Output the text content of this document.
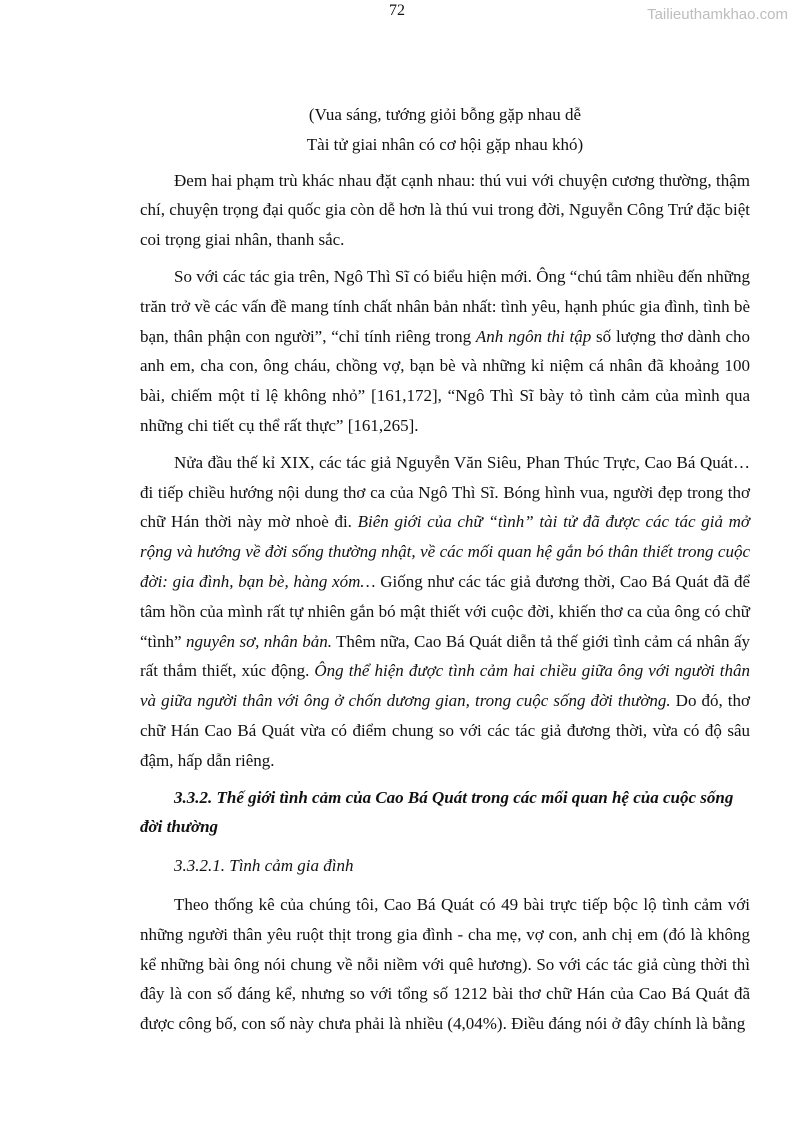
72	Tailieuthamkhao.com
(Vua sáng, tướng giỏi bỗng gặp nhau dễ
Tài tử giai nhân có cơ hội gặp nhau khó)

Đem hai phạm trù khác nhau đặt cạnh nhau: thú vui với chuyện cương thường, thậm chí, chuyện trọng đại quốc gia còn dễ hơn là thú vui trong đời, Nguyễn Công Trứ đặc biệt coi trọng giai nhân, thanh sắc.

So với các tác gia trên, Ngô Thì Sĩ có biểu hiện mới. Ông “chú tâm nhiều đến những trăn trở về các vấn đề mang tính chất nhân bản nhất: tình yêu, hạnh phúc gia đình, tình bè bạn, thân phận con người”, “chỉ tính riêng trong Anh ngôn thi tập số lượng thơ dành cho anh em, cha con, ông cháu, chồng vợ, bạn bè và những kỉ niệm cá nhân đã khoảng 100 bài, chiếm một tỉ lệ không nhỏ” [161,172], “Ngô Thì Sĩ bày tỏ tình cảm của mình qua những chi tiết cụ thể rất thực” [161,265].

Nửa đầu thế kỉ XIX, các tác giả Nguyễn Văn Siêu, Phan Thúc Trực, Cao Bá Quát… đi tiếp chiều hướng nội dung thơ ca của Ngô Thì Sĩ. Bóng hình vua, người đẹp trong thơ chữ Hán thời này mờ nhoè đi. Biên giới của chữ “tình” tài tử đã được các tác giả mở rộng và hướng về đời sống thường nhật, về các mối quan hệ gắn bó thân thiết trong cuộc đời: gia đình, bạn bè, hàng xóm… Giống như các tác giả đương thời, Cao Bá Quát đã để tâm hồn của mình rất tự nhiên gắn bó mật thiết với cuộc đời, khiến thơ ca của ông có chữ “tình” nguyên sơ, nhân bản. Thêm nữa, Cao Bá Quát diễn tả thế giới tình cảm cá nhân ấy rất thắm thiết, xúc động. Ông thể hiện được tình cảm hai chiều giữa ông với người thân và giữa người thân với ông ở chốn dương gian, trong cuộc sống đời thường. Do đó, thơ chữ Hán Cao Bá Quát vừa có điểm chung so với các tác giả đương thời, vừa có độ sâu đậm, hấp dẫn riêng.

3.3.2. Thế giới tình cảm của Cao Bá Quát trong các mối quan hệ của cuộc sống đời thường
3.3.2.1. Tình cảm gia đình

Theo thống kê của chúng tôi, Cao Bá Quát có 49 bài trực tiếp bộc lộ tình cảm với những người thân yêu ruột thịt trong gia đình - cha mẹ, vợ con, anh chị em (đó là không kể những bài ông nói chung về nỗi niềm với quê hương). So với các tác giả cùng thời thì đây là con số đáng kể, nhưng so với tổng số 1212 bài thơ chữ Hán của Cao Bá Quát đã được công bố, con số này chưa phải là nhiều (4,04%). Điều đáng nói ở đây chính là bằng
